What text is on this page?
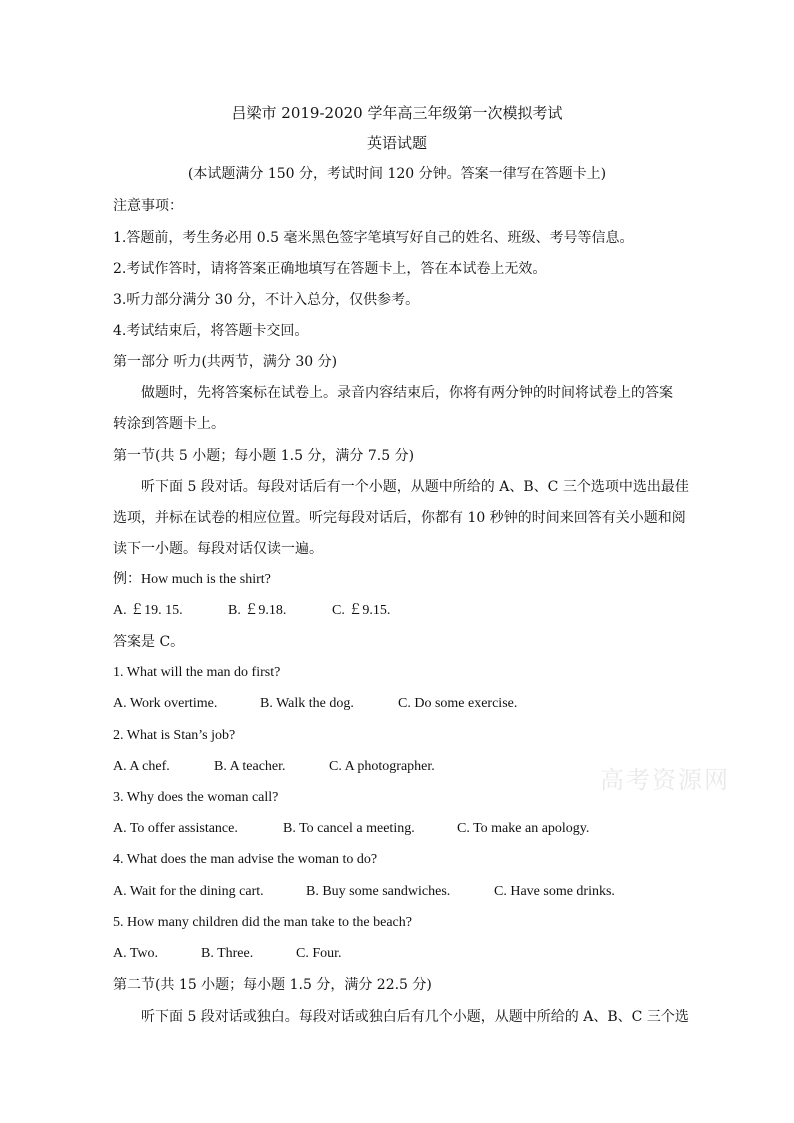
吕梁市 2019-2020 学年高三年级第一次模拟考试
英语试题
(本试题满分 150 分，考试时间 120 分钟。答案一律写在答题卡上)
注意事项：
1.答题前，考生务必用 0.5 毫米黑色签字笔填写好自己的姓名、班级、考号等信息。
2.考试作答时，请将答案正确地填写在答题卡上，答在本试卷上无效。
3.听力部分满分 30 分，不计入总分，仅供参考。
4.考试结束后，将答题卡交回。
第一部分 听力(共两节，满分 30 分)
做题时，先将答案标在试卷上。录音内容结束后，你将有两分钟的时间将试卷上的答案
转涂到答题卡上。
第一节(共 5 小题；每小题 1.5 分，满分 7.5 分)
听下面 5 段对话。每段对话后有一个小题，从题中所给的 A、B、C 三个选项中选出最佳
选项，并标在试卷的相应位置。听完每段对话后，你都有 10 秒钟的时间来回答有关小题和阅
读下一小题。每段对话仅读一遍。
例：How much is the shirt?
A. ￡19. 15.	B. ￡9.18.	C. ￡9.15.
答案是 C。
1. What will the man do first?
A. Work overtime.	B. Walk the dog.	C. Do some exercise.
2. What is Stan’s job?
A. A chef.	B. A teacher.	C. A photographer.
3. Why does the woman call?
A. To offer assistance.	B. To cancel a meeting.	C. To make an apology.
4. What does the man advise the woman to do?
A. Wait for the dining cart.	B. Buy some sandwiches.	C. Have some drinks.
5. How many children did the man take to the beach?
A. Two.	B. Three.	C. Four.
第二节(共 15 小题；每小题 1.5 分，满分 22.5 分)
听下面 5 段对话或独白。每段对话或独白后有几个小题，从题中所给的 A、B、C 三个选
高考资源网
